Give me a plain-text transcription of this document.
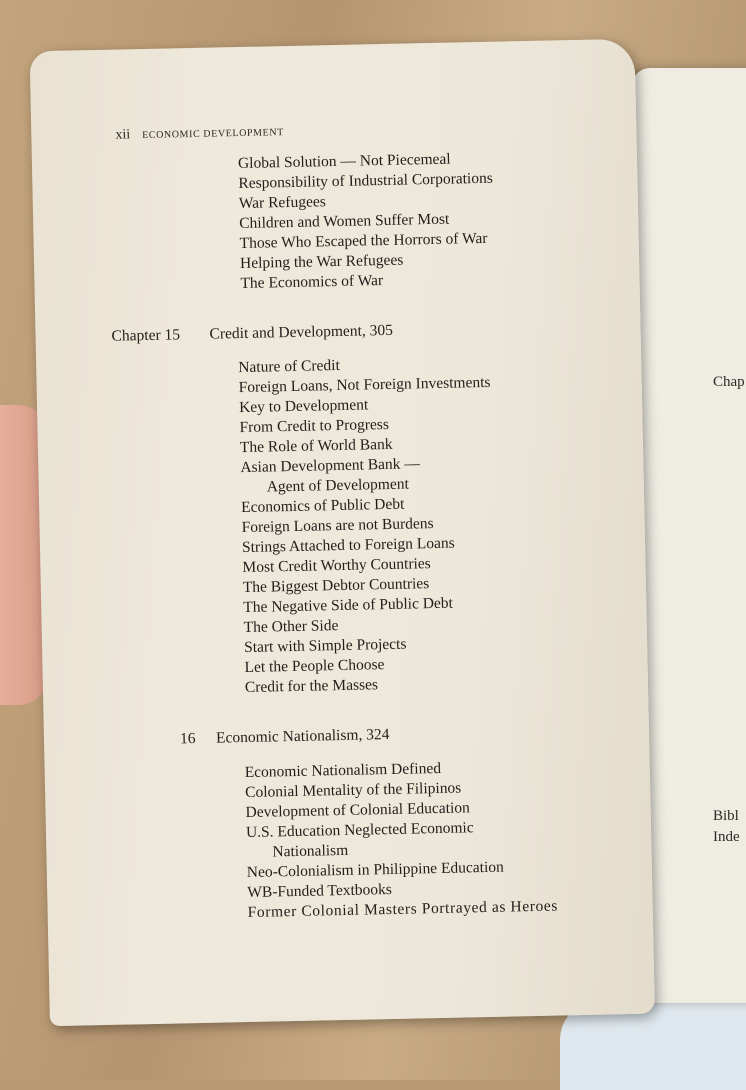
Chap
Bibl
Inde
xii ECONOMIC DEVELOPMENT
Global Solution — Not Piecemeal
Responsibility of Industrial Corporations
War Refugees
Children and Women Suffer Most
Those Who Escaped the Horrors of War
Helping the War Refugees
The Economics of War
Chapter 15 Credit and Development, 305
Nature of Credit
Foreign Loans, Not Foreign Investments
Key to Development
From Credit to Progress
The Role of World Bank
Asian Development Bank —
Agent of Development
Economics of Public Debt
Foreign Loans are not Burdens
Strings Attached to Foreign Loans
Most Credit Worthy Countries
The Biggest Debtor Countries
The Negative Side of Public Debt
The Other Side
Start with Simple Projects
Let the People Choose
Credit for the Masses
16 Economic Nationalism, 324
Economic Nationalism Defined
Colonial Mentality of the Filipinos
Development of Colonial Education
U.S. Education Neglected Economic
Nationalism
Neo-Colonialism in Philippine Education
WB-Funded Textbooks
Former Colonial Masters Portrayed as Heroes
